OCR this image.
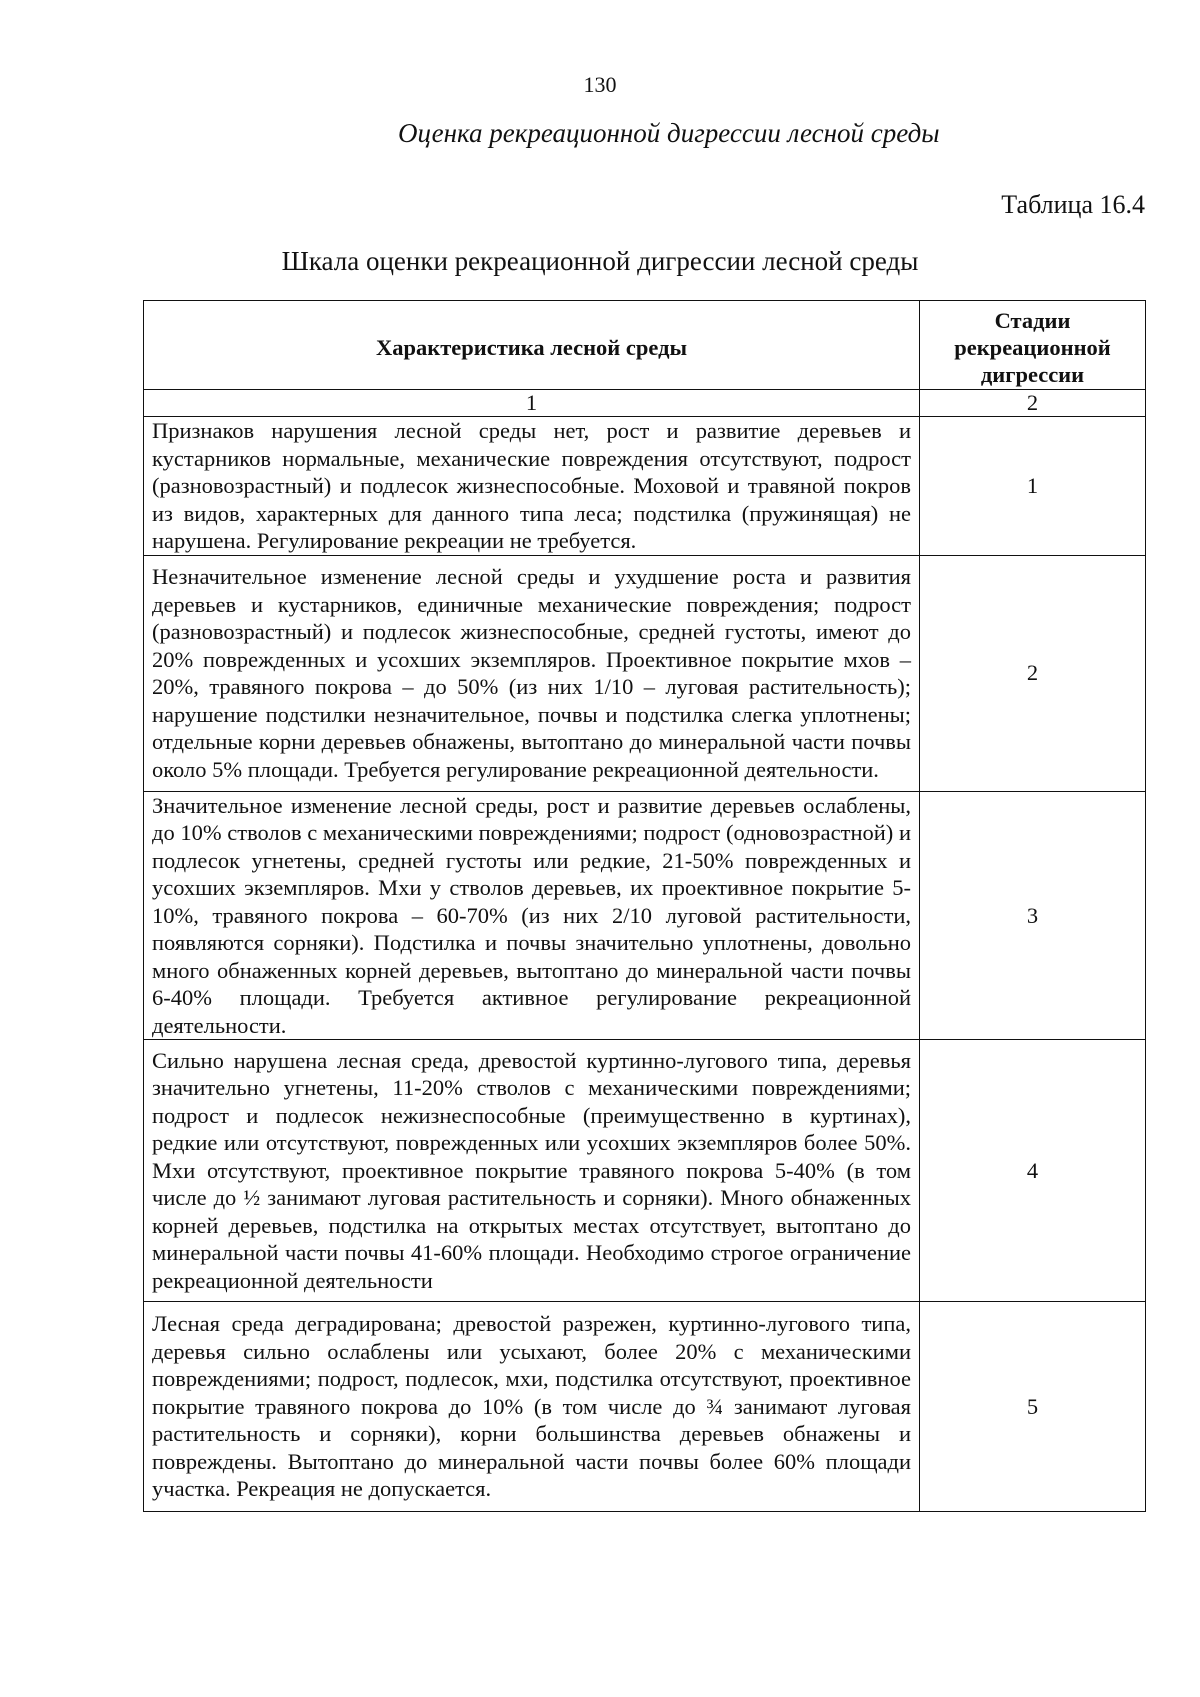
130
Оценка рекреационной дигрессии лесной среды
Таблица 16.4
Шкала оценки рекреационной дигрессии лесной среды
Характеристика лесной среды	Стадии рекреационной дигрессии
1	2
Признаков нарушения лесной среды нет, рост и развитие деревьев и кустарников нормальные, механические повреждения отсутствуют, подрост (разновозрастный) и подлесок жизнеспособные. Моховой и травяной покров из видов, характерных для данного типа леса; подстилка (пружинящая) не нарушена. Регулирование рекреации не требуется.	1
Незначительное изменение лесной среды и ухудшение роста и развития деревьев и кустарников, единичные механические повреждения; подрост (разновозрастный) и подлесок жизнеспособные, средней густоты, имеют до 20% поврежденных и усохших экземпляров. Проективное покрытие мхов – 20%, травяного покрова – до 50% (из них 1/10 – луговая растительность); нарушение подстилки незначительное, почвы и подстилка слегка уплотнены; отдельные корни деревьев обнажены, вытоптано до минеральной части почвы около 5% площади. Требуется регулирование рекреационной деятельности.	2
Значительное изменение лесной среды, рост и развитие деревьев ослаблены, до 10% стволов с механическими повреждениями; подрост (одновозрастной) и подлесок угнетены, средней густоты или редкие, 21-50% поврежденных и усохших экземпляров. Мхи у стволов деревьев, их проективное покрытие 5-10%, травяного покрова – 60-70% (из них 2/10 луговой растительности, появляются сорняки). Подстилка и почвы значительно уплотнены, довольно много обнаженных корней деревьев, вытоптано до минеральной части почвы 6-40% площади. Требуется активное регулирование рекреационной деятельности.	3
Сильно нарушена лесная среда, древостой куртинно-лугового типа, деревья значительно угнетены, 11-20% стволов с механическими повреждениями; подрост и подлесок нежизнеспособные (преимущественно в куртинах), редкие или отсутствуют, поврежденных или усохших экземпляров более 50%. Мхи отсутствуют, проективное покрытие травяного покрова 5-40% (в том числе до ½ занимают луговая растительность и сорняки). Много обнаженных корней деревьев, подстилка на открытых местах отсутствует, вытоптано до минеральной части почвы 41-60% площади. Необходимо строгое ограничение рекреационной деятельности	4
Лесная среда деградирована; древостой разрежен, куртинно-лугового типа, деревья сильно ослаблены или усыхают, более 20% с механическими повреждениями; подрост, подлесок, мхи, подстилка отсутствуют, проективное покрытие травяного покрова до 10% (в том числе до ¾ занимают луговая растительность и сорняки), корни большинства деревьев обнажены и повреждены. Вытоптано до минеральной части почвы более 60% площади участка. Рекреация не допускается.	5
